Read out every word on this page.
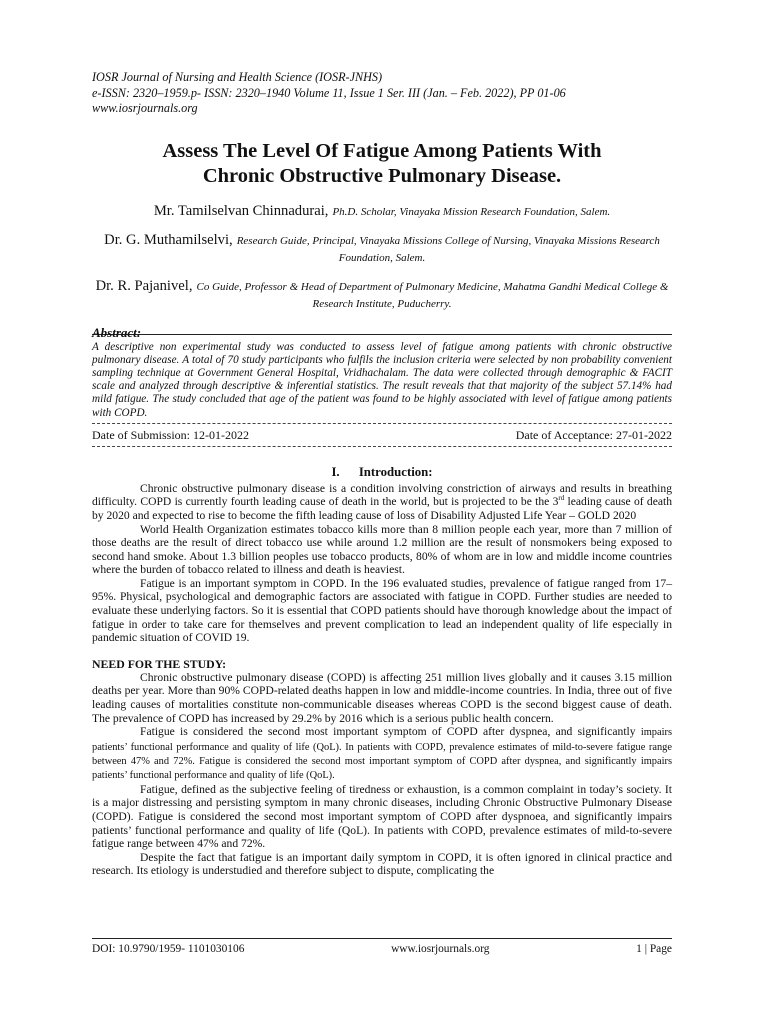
IOSR Journal of Nursing and Health Science (IOSR-JNHS)
e-ISSN: 2320–1959.p- ISSN: 2320–1940 Volume 11, Issue 1 Ser. III (Jan. – Feb. 2022), PP 01-06
www.iosrjournals.org
Assess The Level Of Fatigue Among Patients With
Chronic Obstructive Pulmonary Disease.
Mr. Tamilselvan Chinnadurai, Ph.D. Scholar, Vinayaka Mission Research Foundation, Salem.
Dr. G. Muthamilselvi, Research Guide, Principal, Vinayaka Missions College of Nursing, Vinayaka Missions Research Foundation, Salem.
Dr. R. Pajanivel, Co Guide, Professor & Head of Department of Pulmonary Medicine, Mahatma Gandhi Medical College & Research Institute, Puducherry.
Abstract:
A descriptive non experimental study was conducted to assess level of fatigue among patients with chronic obstructive pulmonary disease. A total of 70 study participants who fulfils the inclusion criteria were selected by non probability convenient sampling technique at Government General Hospital, Vridhachalam. The data were collected through demographic & FACIT scale and analyzed through descriptive & inferential statistics. The result reveals that that majority of the subject 57.14% had mild fatigue. The study concluded that age of the patient was found to be highly associated with level of fatigue among patients with COPD.
Date of Submission: 12-01-2022	Date of Acceptance: 27-01-2022
I.      Introduction:

Chronic obstructive pulmonary disease is a condition involving constriction of airways and results in breathing difficulty. COPD is currently fourth leading cause of death in the world, but is projected to be the 3rd leading cause of death by 2020 and expected to rise to become the fifth leading cause of loss of Disability Adjusted Life Year – GOLD 2020

World Health Organization estimates tobacco kills more than 8 million people each year, more than 7 million of those deaths are the result of direct tobacco use while around 1.2 million are the result of nonsmokers being exposed to second hand smoke. About 1.3 billion peoples use tobacco products, 80% of whom are in low and middle income countries where the burden of tobacco related to illness and death is heaviest.

Fatigue is an important symptom in COPD. In the 196 evaluated studies, prevalence of fatigue ranged from 17–95%. Physical, psychological and demographic factors are associated with fatigue in COPD. Further studies are needed to evaluate these underlying factors. So it is essential that COPD patients should have thorough knowledge about the impact of fatigue in order to take care for themselves and prevent complication to lead an independent quality of life especially in pandemic situation of COVID 19.

NEED FOR THE STUDY:

Chronic obstructive pulmonary disease (COPD) is affecting 251 million lives globally and it causes 3.15 million deaths per year. More than 90% COPD-related deaths happen in low and middle-income countries. In India, three out of five leading causes of mortalities constitute non-communicable diseases whereas COPD is the second biggest cause of death. The prevalence of COPD has increased by 29.2% by 2016 which is a serious public health concern.

Fatigue is considered the second most important symptom of COPD after dyspnea, and significantly impairs patients’ functional performance and quality of life (QoL). In patients with COPD, prevalence estimates of mild-to-severe fatigue range between 47% and 72%. Fatigue is considered the second most important symptom of COPD after dyspnea, and significantly impairs patients’ functional performance and quality of life (QoL).

Fatigue, defined as the subjective feeling of tiredness or exhaustion, is a common complaint in today’s society. It is a major distressing and persisting symptom in many chronic diseases, including Chronic Obstructive Pulmonary Disease (COPD). Fatigue is considered the second most important symptom of COPD after dyspnoea, and significantly impairs patients’ functional performance and quality of life (QoL). In patients with COPD, prevalence estimates of mild-to-severe fatigue range between 47% and 72%.

Despite the fact that fatigue is an important daily symptom in COPD, it is often ignored in clinical practice and research. Its etiology is understudied and therefore subject to dispute, complicating the

DOI: 10.9790/1959- 1101030106	www.iosrjournals.org	1 | Page
